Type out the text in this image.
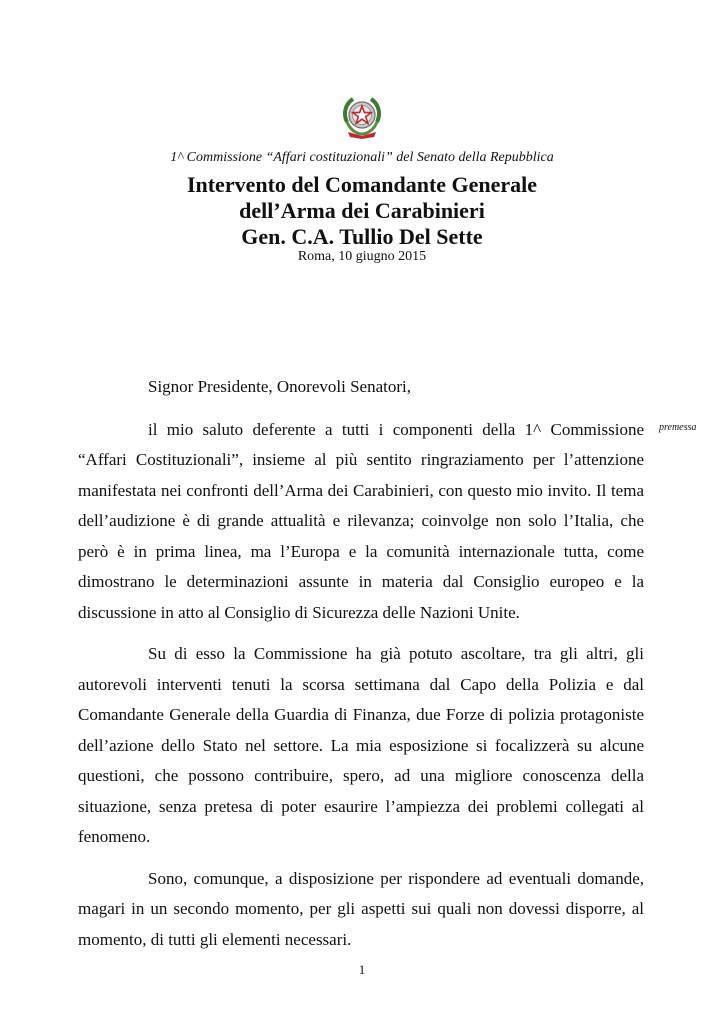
1^ Commissione “Affari costituzionali” del Senato della Repubblica
Intervento del Comandante Generale
dell’Arma dei Carabinieri
Gen. C.A. Tullio Del Sette
Roma, 10 giugno 2015
premessa

Signor Presidente, Onorevoli Senatori,

il mio saluto deferente a tutti i componenti della 1^ Commissione “Affari Costituzionali”, insieme al più sentito ringraziamento per l’attenzione manifestata nei confronti dell’Arma dei Carabinieri, con questo mio invito. Il tema dell’audizione è di grande attualità e rilevanza; coinvolge non solo l’Italia, che però è in prima linea, ma l’Europa e la comunità internazionale tutta, come dimostrano le determinazioni assunte in materia dal Consiglio europeo e la discussione in atto al Consiglio di Sicurezza delle Nazioni Unite.

Su di esso la Commissione ha già potuto ascoltare, tra gli altri, gli autorevoli interventi tenuti la scorsa settimana dal Capo della Polizia e dal Comandante Generale della Guardia di Finanza, due Forze di polizia protagoniste dell’azione dello Stato nel settore. La mia esposizione si focalizzerà su alcune questioni, che possono contribuire, spero, ad una migliore conoscenza della situazione, senza pretesa di poter esaurire l’ampiezza dei problemi collegati al fenomeno.

Sono, comunque, a disposizione per rispondere ad eventuali domande, magari in un secondo momento, per gli aspetti sui quali non dovessi disporre, al momento, di tutti gli elementi necessari.

1
